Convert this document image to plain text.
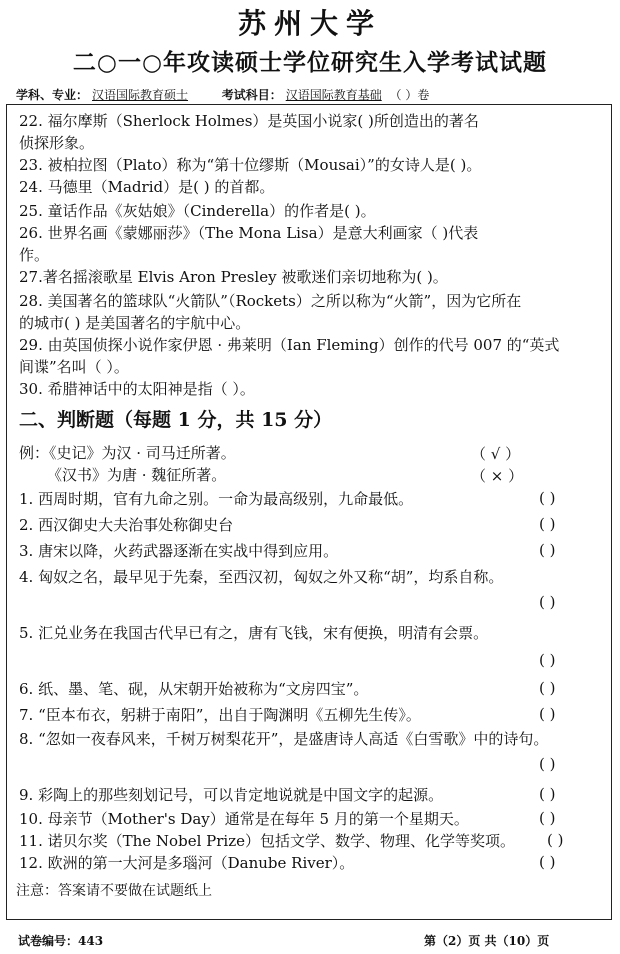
苏州大学
二○一○年攻读硕士学位研究生入学考试试题
学科、专业： 汉语国际教育硕士	考试科目： 汉语国际教育基础 （ ）卷
22. 福尔摩斯（Sherlock Holmes）是英国小说家( )所创造出的著名
侦探形象。
23. 被柏拉图（Plato）称为“第十位缪斯（Mousai）”的女诗人是( )。
24. 马德里（Madrid）是( ) 的首都。
25. 童话作品《灰姑娘》（Cinderella）的作者是( )。
26. 世界名画《蒙娜丽莎》（The Mona Lisa）是意大利画家（ )代表
作。
27.著名摇滚歌星 Elvis Aron Presley 被歌迷们亲切地称为( )。
28. 美国著名的篮球队“火箭队”（Rockets）之所以称为“火箭”，因为它所在
的城市( ) 是美国著名的宇航中心。
29. 由英国侦探小说作家伊恩 · 弗莱明（Ian Fleming）创作的代号 007 的“英式
间谍”名叫（ ）。
30. 希腊神话中的太阳神是指（ ）。
二、判断题（每题 1 分，共 15 分）
例：《史记》为汉 · 司马迁所著。	（ √ ）
《汉书》为唐 · 魏征所著。	（ × ）
1. 西周时期，官有九命之别。一命为最高级别，九命最低。	( )
2. 西汉御史大夫治事处称御史台	( )
3. 唐宋以降，火药武器逐渐在实战中得到应用。	( )
4. 匈奴之名，最早见于先秦，至西汉初，匈奴之外又称“胡”，均系自称。
( )
5. 汇兑业务在我国古代早已有之，唐有飞钱，宋有便换，明清有会票。
( )
6. 纸、墨、笔、砚，从宋朝开始被称为“文房四宝”。	( )
7. “臣本布衣，躬耕于南阳”，出自于陶渊明《五柳先生传》。	( )
8. “忽如一夜春风来，千树万树梨花开”，是盛唐诗人高适《白雪歌》中的诗句。
( )
9. 彩陶上的那些刻划记号，可以肯定地说就是中国文字的起源。	( )
10. 母亲节（Mother's Day）通常是在每年 5 月的第一个星期天。	( )
11. 诺贝尔奖（The Nobel Prize）包括文学、数学、物理、化学等奖项。 ( )
12. 欧洲的第一大河是多瑙河（Danube River）。	( )
注意：答案请不要做在试题纸上
试卷编号：443	第（2）页 共（10）页
